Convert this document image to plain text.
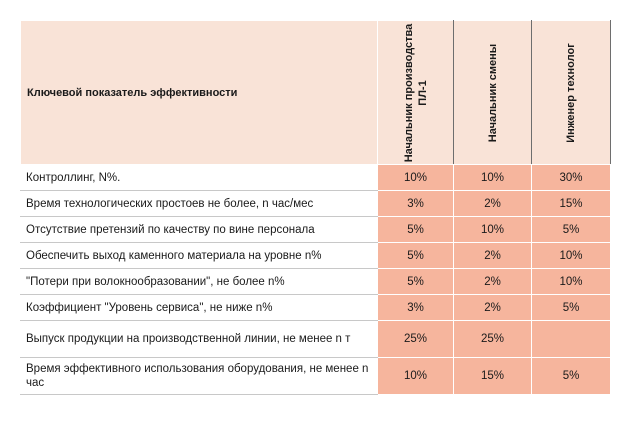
Ключевой показатель эффективности	Начальник производства ПЛ-1	Начальник смены	Инженер технолог

Контроллинг, N%.	10%	10%	30%
Время технологических простоев не более, n час/мес	3%	2%	15%
Отсутствие претензий по качеству по вине персонала	5%	10%	5%
Обеспечить выход каменного материала на уровне n%	5%	2%	10%
"Потери при волокнообразовании", не более n%	5%	2%	10%
Коэффициент "Уровень сервиса", не ниже n%	3%	2%	5%
Выпуск продукции на производственной линии, не менее n т	25%	25%	
Время эффективного использования оборудования, не менее n час	10%	15%	5%
